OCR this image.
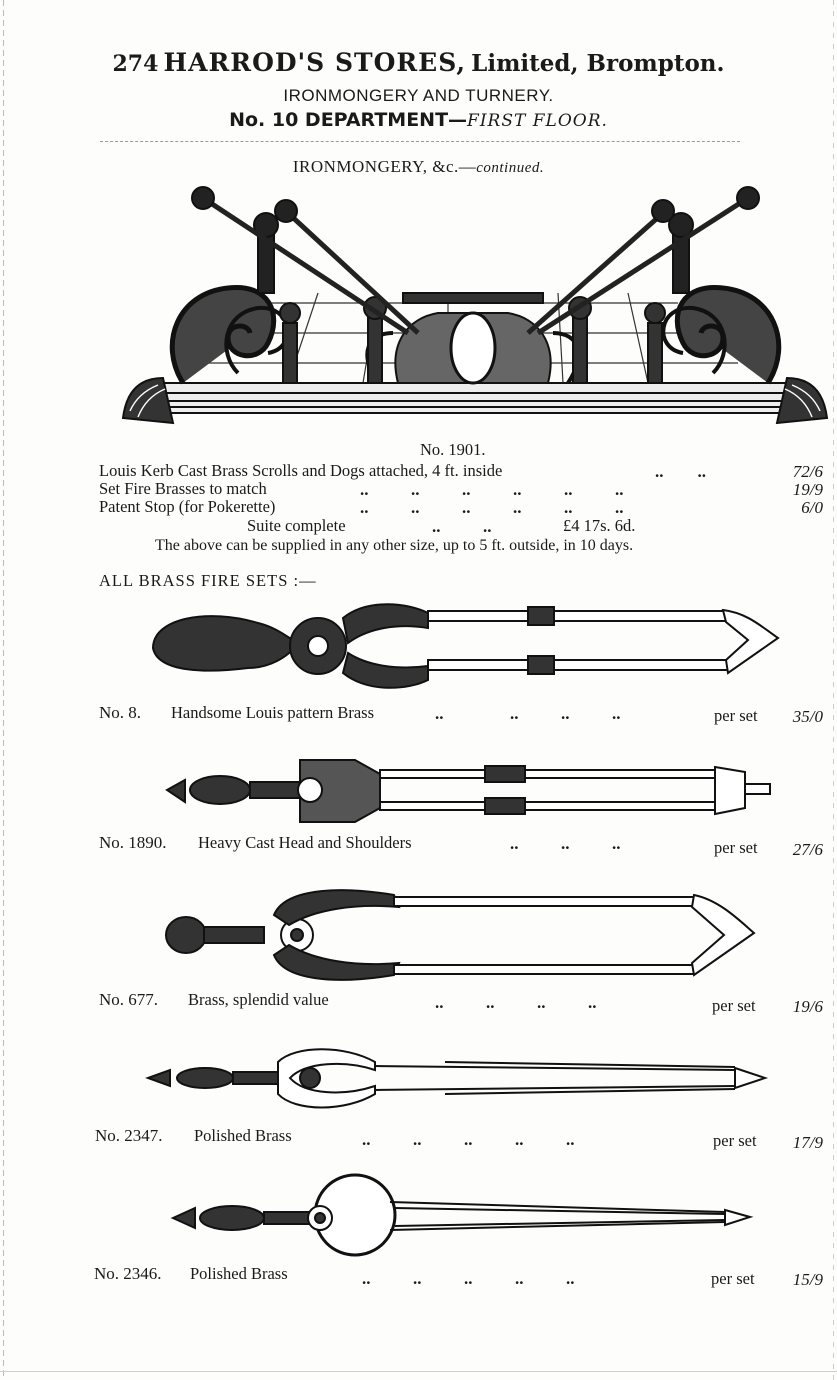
274 HARROD'S STORES, Limited, Brompton.
IRONMONGERY AND TURNERY.
No. 10 DEPARTMENT—FIRST FLOOR.
IRONMONGERY, &c.—continued.
No. 1901.
Louis Kerb Cast Brass Scrolls and Dogs attached, 4 ft. inside	..        ..	72/6
Set Fire Brasses to match	..          ..          ..          ..          ..          ..	19/9
Patent Stop (for Pokerette)	..          ..          ..          ..          ..          ..	6/0
Suite complete	..          ..	£4 17s. 6d.
The above can be supplied in any other size, up to 5 ft. outside, in 10 days.
ALL BRASS FIRE SETS :—
No. 8. Handsome Louis pattern Brass	..	..          ..          ..	per set 35/0
No. 1890. Heavy Cast Head and Shoulders	..          ..          ..	per set 27/6
No. 677. Brass, splendid value	..          ..          ..          ..	per set 19/6
No. 2347. Polished Brass	..          ..          ..          ..          ..	per set 17/9
No. 2346. Polished Brass	..          ..          ..          ..          ..	per set 15/9
